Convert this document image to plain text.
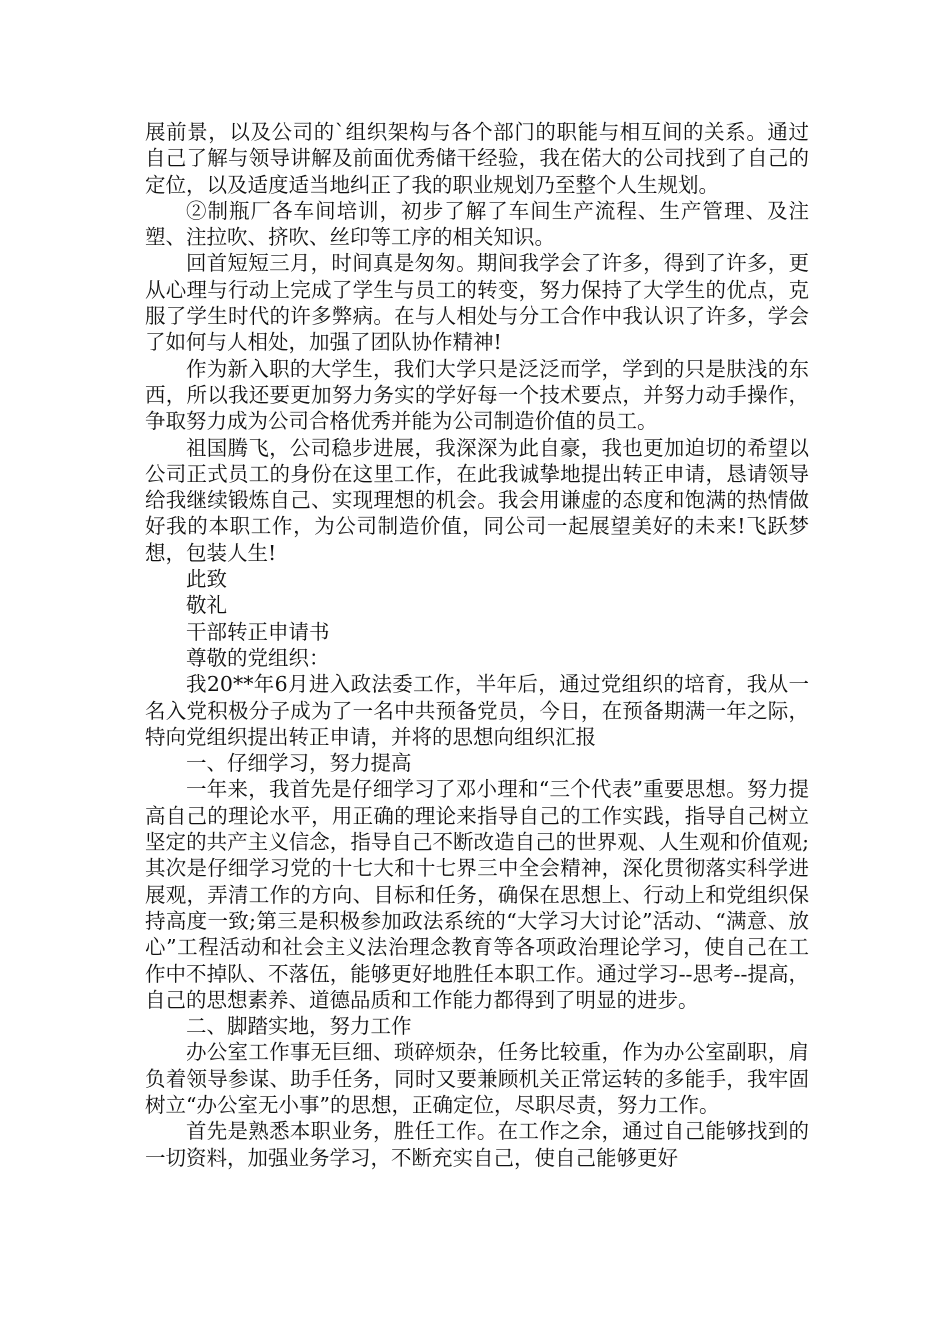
展前景，以及公司的`组织架构与各个部门的职能与相互间的关系。通过自己了解与领导讲解及前面优秀储干经验，我在偌大的公司找到了自己的定位，以及适度适当地纠正了我的职业规划乃至整个人生规划。

②制瓶厂各车间培训，初步了解了车间生产流程、生产管理、及注塑、注拉吹、挤吹、丝印等工序的相关知识。

回首短短三月，时间真是匆匆。期间我学会了许多，得到了许多，更从心理与行动上完成了学生与员工的转变，努力保持了大学生的优点，克服了学生时代的许多弊病。在与人相处与分工合作中我认识了许多，学会了如何与人相处，加强了团队协作精神!

作为新入职的大学生，我们大学只是泛泛而学，学到的只是肤浅的东西，所以我还要更加努力务实的学好每一个技术要点，并努力动手操作，争取努力成为公司合格优秀并能为公司制造价值的员工。

祖国腾飞，公司稳步进展，我深深为此自豪，我也更加迫切的希望以公司正式员工的身份在这里工作，在此我诚挚地提出转正申请，恳请领导给我继续锻炼自己、实现理想的机会。我会用谦虚的态度和饱满的热情做好我的本职工作，为公司制造价值，同公司一起展望美好的未来!飞跃梦想，包装人生!

此致

敬礼

干部转正申请书

尊敬的党组织：

我20**年6月进入政法委工作，半年后，通过党组织的培育，我从一名入党积极分子成为了一名中共预备党员，今日，在预备期满一年之际，特向党组织提出转正申请，并将的思想向组织汇报

一、仔细学习，努力提高

一年来，我首先是仔细学习了邓小理和“三个代表”重要思想。努力提高自己的理论水平，用正确的理论来指导自己的工作实践，指导自己树立坚定的共产主义信念，指导自己不断改造自己的世界观、人生观和价值观;其次是仔细学习党的十七大和十七界三中全会精神，深化贯彻落实科学进展观，弄清工作的方向、目标和任务，确保在思想上、行动上和党组织保持高度一致;第三是积极参加政法系统的“大学习大讨论”活动、“满意、放心”工程活动和社会主义法治理念教育等各项政治理论学习，使自己在工作中不掉队、不落伍，能够更好地胜任本职工作。通过学习--思考--提高，自己的思想素养、道德品质和工作能力都得到了明显的进步。

二、脚踏实地，努力工作

办公室工作事无巨细、琐碎烦杂，任务比较重，作为办公室副职，肩负着领导参谋、助手任务，同时又要兼顾机关正常运转的多能手，我牢固树立“办公室无小事”的思想，正确定位，尽职尽责，努力工作。

首先是熟悉本职业务，胜任工作。在工作之余，通过自己能够找到的一切资料，加强业务学习，不断充实自己，使自己能够更好
